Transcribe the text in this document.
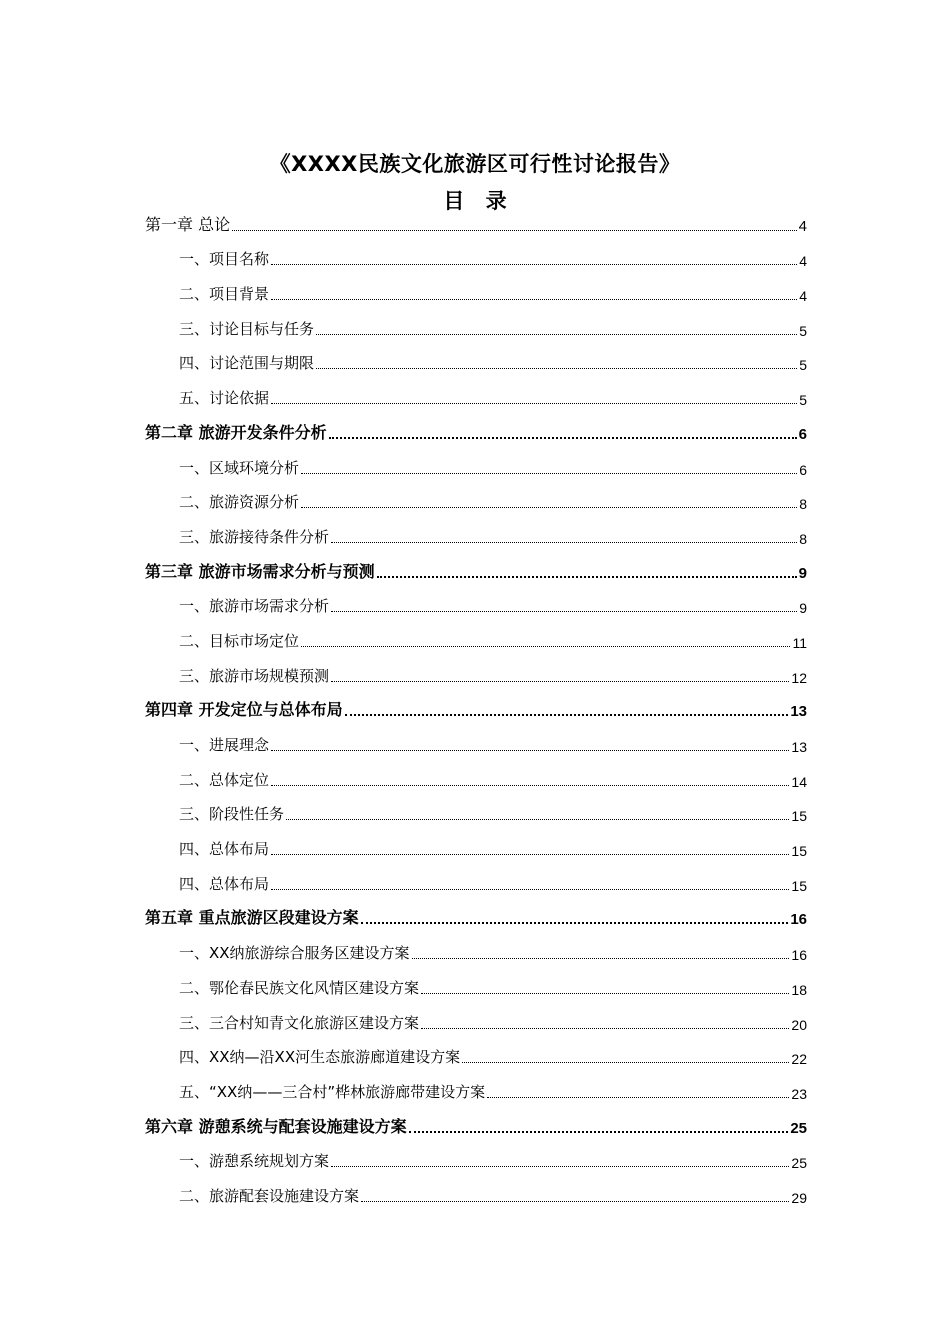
《XXXX民族文化旅游区可行性讨论报告》
目 录
第一章 总论	4
一、项目名称	4
二、项目背景	4
三、讨论目标与任务	5
四、讨论范围与期限	5
五、讨论依据	5
第二章 旅游开发条件分析	6
一、区域环境分析	6
二、旅游资源分析	8
三、旅游接待条件分析	8
第三章 旅游市场需求分析与预测	9
一、旅游市场需求分析	9
二、目标市场定位	11
三、旅游市场规模预测	12
第四章 开发定位与总体布局	13
一、进展理念	13
二、总体定位	14
三、阶段性任务	15
四、总体布局	15
四、总体布局	15
第五章 重点旅游区段建设方案	16
一、XX纳旅游综合服务区建设方案	16
二、鄂伦春民族文化风情区建设方案	18
三、三合村知青文化旅游区建设方案	20
四、XX纳—沿XX河生态旅游廊道建设方案	22
五、“XX纳——三合村”桦林旅游廊带建设方案	23
第六章 游憩系统与配套设施建设方案	25
一、游憩系统规划方案	25
二、旅游配套设施建设方案	29
